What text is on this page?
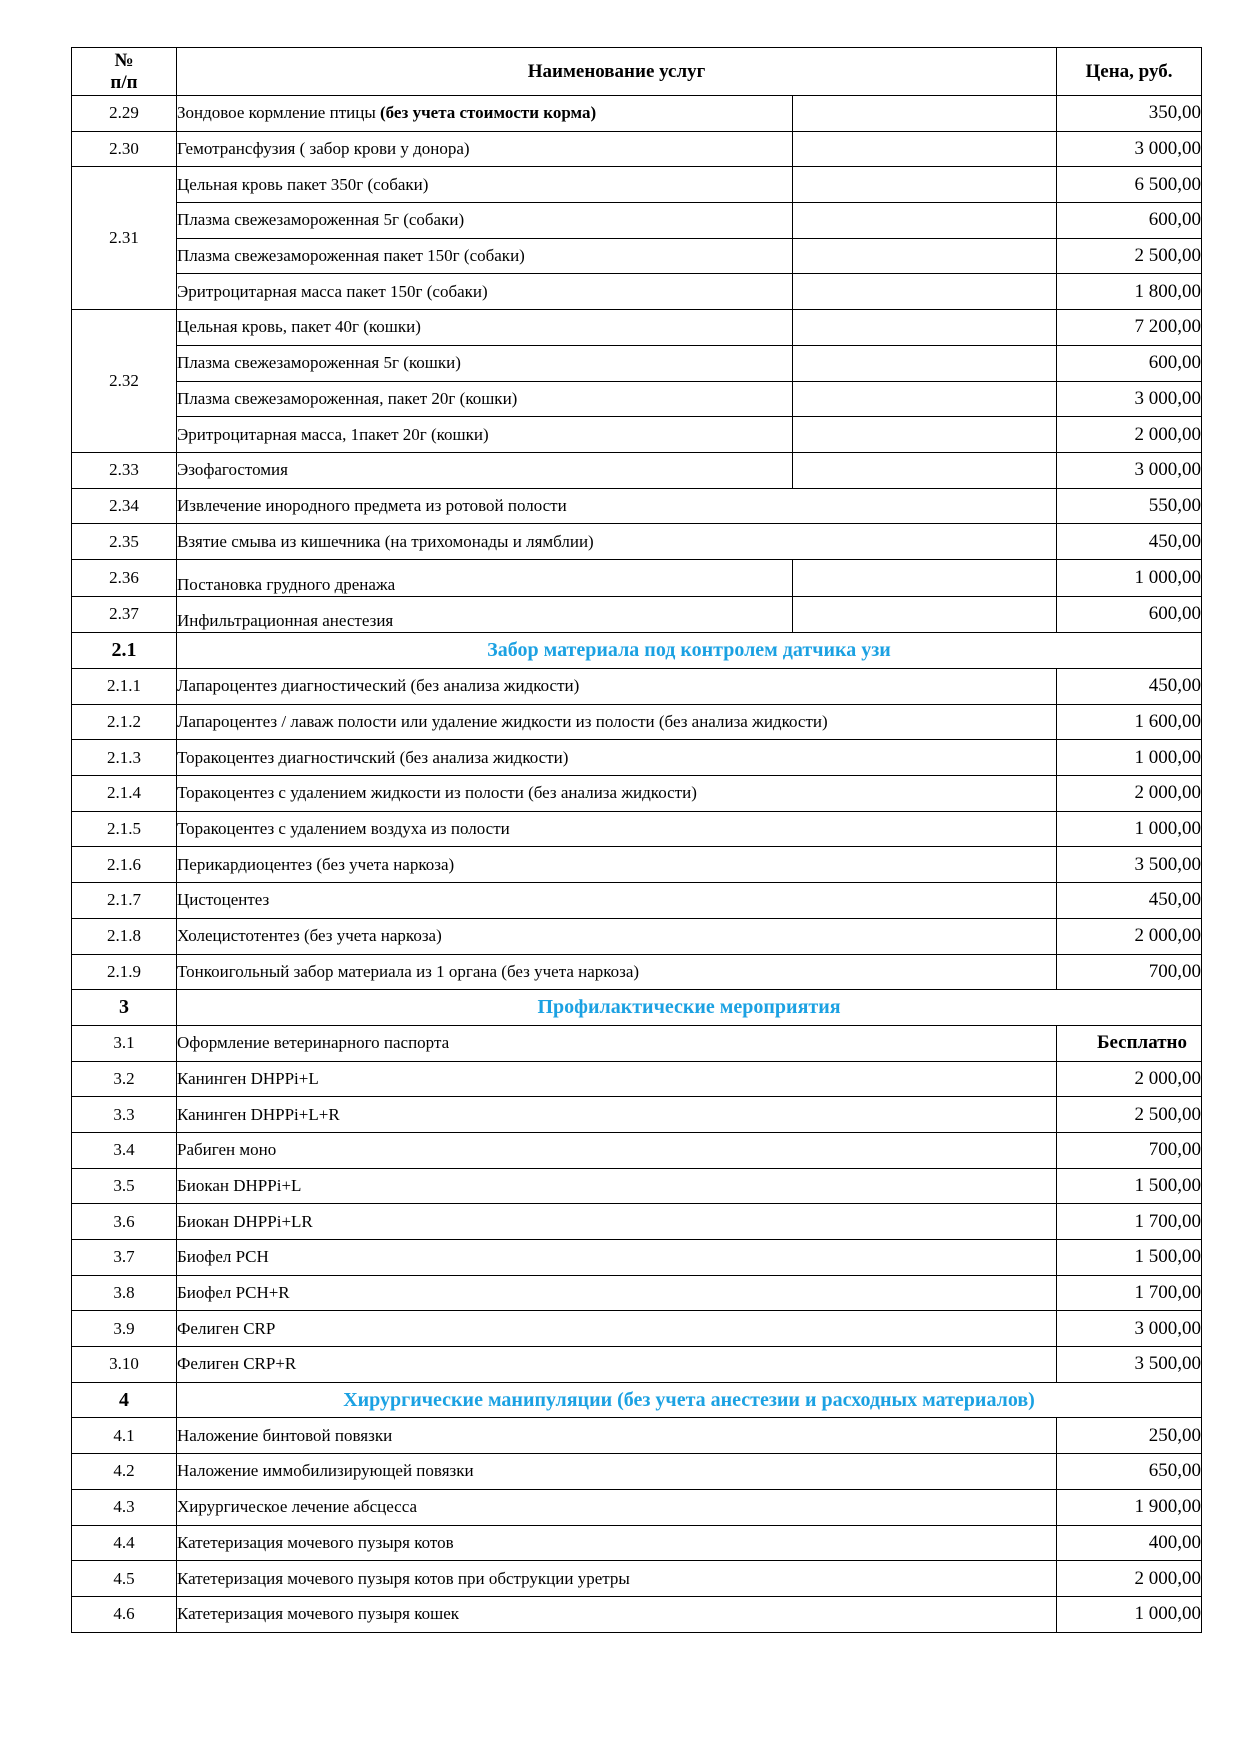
№
п/п	Наименование услуг		Цена, руб.
2.29	Зондовое кормление птицы (без учета стоимости корма)		350,00
2.30	Гемотрансфузия ( забор крови у донора)		3 000,00
2.31	Цельная кровь пакет 350г (собаки)		6 500,00
	Плазма свежезамороженная 5г (собаки)		600,00
	Плазма свежезамороженная пакет 150г (собаки)		2 500,00
	Эритроцитарная масса пакет 150г (собаки)		1 800,00
2.32	Цельная кровь, пакет 40г (кошки)		7 200,00
	Плазма свежезамороженная 5г (кошки)		600,00
	Плазма свежезамороженная, пакет 20г (кошки)		3 000,00
	Эритроцитарная масса, 1пакет 20г (кошки)		2 000,00
2.33	Эзофагостомия		3 000,00
2.34	Извлечение инородного предмета из ротовой полости		550,00
2.35	Взятие смыва из кишечника (на трихомонады и лямблии)		450,00
2.36	Постановка грудного дренажа		1 000,00
2.37	Инфильтрационная анестезия		600,00
2.1	Забор материала под контролем датчика узи		
2.1.1	Лапароцентез диагностический (без анализа жидкости)		450,00
2.1.2	Лапароцентез / лаваж полости или удаление жидкости из полости (без анализа жидкости)		1 600,00
2.1.3	Торакоцентез диагностичский (без анализа жидкости)		1 000,00
2.1.4	Торакоцентез с удалением жидкости из полости (без анализа жидкости)		2 000,00
2.1.5	Торакоцентез с удалением воздуха из полости		1 000,00
2.1.6	Перикардиоцентез (без учета наркоза)		3 500,00
2.1.7	Цистоцентез		450,00
2.1.8	Холецистотентез (без учета наркоза)		2 000,00
2.1.9	Тонкоигольный забор материала из 1 органа (без учета наркоза)		700,00
3	Профилактические мероприятия		
3.1	Оформление ветеринарного паспорта		Бесплатно
3.2	Канинген DHPPi+L		2 000,00
3.3	Канинген DHPPi+L+R		2 500,00
3.4	Рабиген моно		700,00
3.5	Биокан DHPPi+L		1 500,00
3.6	Биокан DHPPi+LR		1 700,00
3.7	Биофел PCH		1 500,00
3.8	Биофел PCH+R		1 700,00
3.9	Фелиген CRP		3 000,00
3.10	Фелиген CRP+R		3 500,00
4	Хирургические манипуляции (без учета анестезии и расходных материалов)		
4.1	Наложение бинтовой повязки		250,00
4.2	Наложение иммобилизирующей повязки		650,00
4.3	Хирургическое лечение абсцесса		1 900,00
4.4	Катетеризация мочевого пузыря котов		400,00
4.5	Катетеризация мочевого пузыря котов при обструкции уретры		2 000,00
4.6	Катетеризация мочевого пузыря кошек		1 000,00
